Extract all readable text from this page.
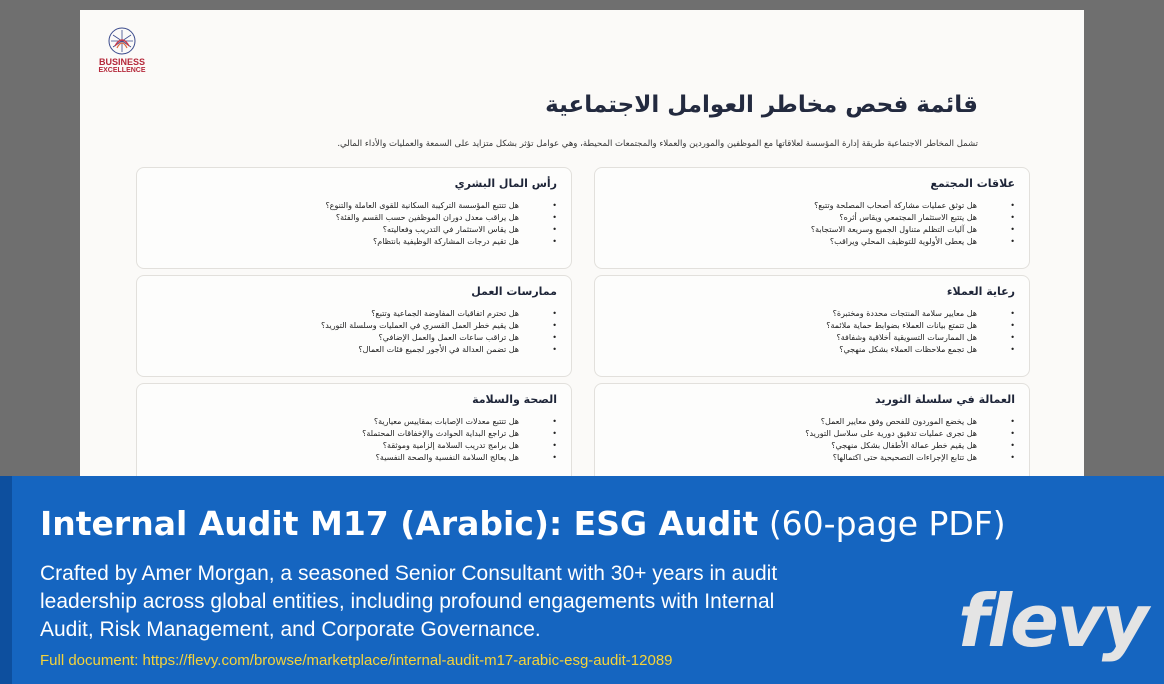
BUSINESS
EXCELLENCE
قائمة فحص مخاطر العوامل الاجتماعية
تشمل المخاطر الاجتماعية طريقة إدارة المؤسسة لعلاقاتها مع الموظفين والموردين والعملاء والمجتمعات المحيطة، وهي عوامل تؤثر بشكل متزايد على السمعة والعمليات والأداء المالي.
علاقات المجتمع
• هل توثق عمليات مشاركة أصحاب المصلحة وتتبع؟
• هل يتتبع الاستثمار المجتمعي ويقاس أثره؟
• هل آليات التظلم متناول الجميع وسريعة الاستجابة؟
• هل يعطى الأولوية للتوظيف المحلي ويراقب؟
رعاية العملاء
• هل معايير سلامة المنتجات محددة ومختبرة؟
• هل تتمتع بيانات العملاء بضوابط حماية ملائمة؟
• هل الممارسات التسويقية أخلاقية وشفافة؟
• هل تجمع ملاحظات العملاء بشكل منهجي؟
العمالة في سلسلة التوريد
• هل يخضع الموردون للفحص وفق معايير العمل؟
• هل تجرى عمليات تدقيق دورية على سلاسل التوريد؟
• هل يقيم خطر عمالة الأطفال بشكل منهجي؟
• هل تتابع الإجراءات التصحيحية حتى اكتمالها؟
رأس المال البشري
• هل تتتبع المؤسسة التركيبة السكانية للقوى العاملة والتنوع؟
• هل يراقب معدل دوران الموظفين حسب القسم والفئة؟
• هل يقاس الاستثمار في التدريب وفعاليته؟
• هل تقيم درجات المشاركة الوظيفية بانتظام؟
ممارسات العمل
• هل تحترم اتفاقيات المفاوضة الجماعية وتتبع؟
• هل يقيم خطر العمل القسري في العمليات وسلسلة التوريد؟
• هل تراقب ساعات العمل والعمل الإضافي؟
• هل تضمن العدالة في الأجور لجميع فئات العمال؟
الصحة والسلامة
• هل تتتبع معدلات الإصابات بمقاييس معيارية؟
• هل تراجع البداية الحوادث والإخفاقات المحتملة؟
• هل برامج تدريب السلامة إلزامية وموثقة؟
• هل يعالج السلامة النفسية والصحة النفسية؟
Internal Audit M17 (Arabic): ESG Audit (60-page PDF)
Crafted by Amer Morgan, a seasoned Senior Consultant with 30+ years in audit leadership across global entities, including profound engagements with Internal Audit, Risk Management, and Corporate Governance.
Full document: https://flevy.com/browse/marketplace/internal-audit-m17-arabic-esg-audit-12089	flevy
